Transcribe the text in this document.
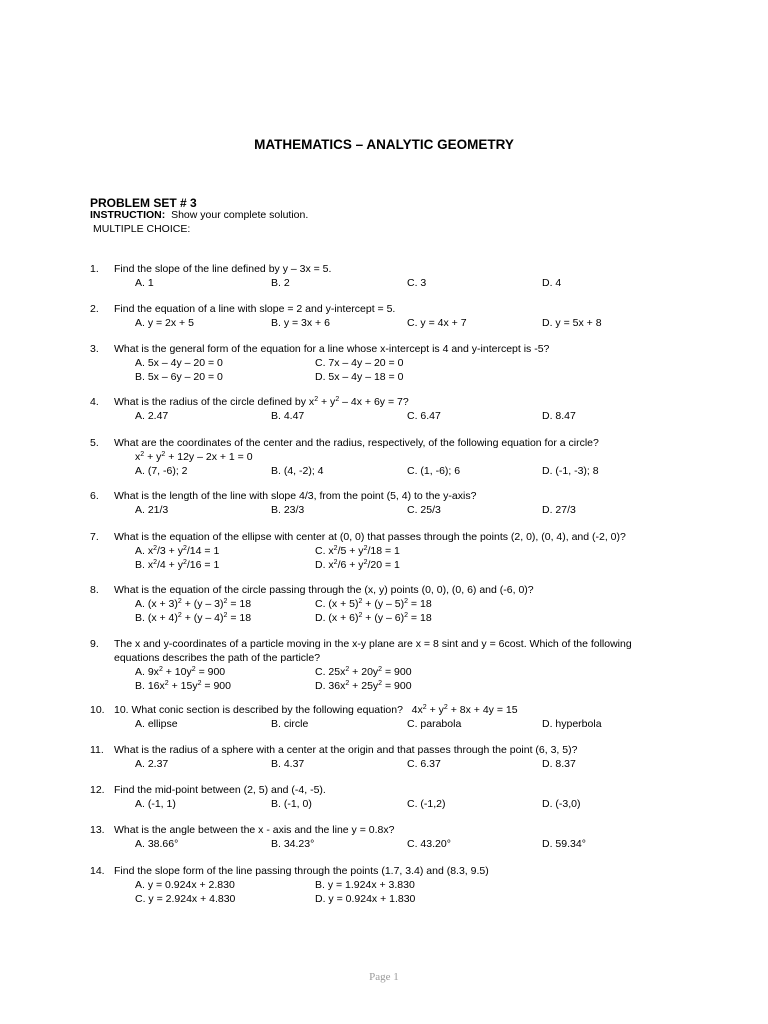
MATHEMATICS – ANALYTIC GEOMETRY
PROBLEM SET # 3
INSTRUCTION: Show your complete solution.
MULTIPLE CHOICE:
1. Find the slope of the line defined by y – 3x = 5.
A. 1	B. 2	C. 3	D. 4
2. Find the equation of a line with slope = 2 and y-intercept = 5.
A. y = 2x + 5	B. y = 3x + 6	C. y = 4x + 7	D. y = 5x + 8
3. What is the general form of the equation for a line whose x-intercept is 4 and y-intercept is -5?
A. 5x – 4y – 20 = 0	C. 7x – 4y – 20 = 0
B. 5x – 6y – 20 = 0	D. 5x – 4y – 18 = 0
4. What is the radius of the circle defined by $x^2 + y^2 - 4x + 6y = 7$?
A. 2.47	B. 4.47	C. 6.47	D. 8.47
5. What are the coordinates of the center and the radius, respectively, of the following equation for a circle?
$x^2 + y^2 + 12y - 2x + 1 = 0$
A. (7, -6); 2	B. (4, -2); 4	C. (1, -6); 6	D. (-1, -3); 8
6. What is the length of the line with slope 4/3, from the point (5, 4) to the y-axis?
A. 21/3	B. 23/3	C. 25/3	D. 27/3
7. What is the equation of the ellipse with center at (0, 0) that passes through the points (2, 0), (0, 4), and (-2, 0)?
A. $x^2/3 + y^2/14 = 1$	C. $x^2/5 + y^2/18 = 1$
B. $x^2/4 + y^2/16 = 1$	D. $x^2/6 + y^2/20 = 1$
8. What is the equation of the circle passing through the (x, y) points (0, 0), (0, 6) and (-6, 0)?
A. $(x + 3)^2 + (y - 3)^2 = 18$	C. $(x + 5)^2 + (y - 5)^2 = 18$
B. $(x + 4)^2 + (y - 4)^2 = 18$	D. $(x + 6)^2 + (y - 6)^2 = 18$
9. The x and y-coordinates of a particle moving in the x-y plane are x = 8 sint and y = 6cost. Which of the following
equations describes the path of the particle?
A. $9x^2 + 10y^2 = 900$	C. $25x^2 + 20y^2 = 900$
B. $16x^2 + 15y^2 = 900$	D. $36x^2 + 25y^2 = 900$
10. 10. What conic section is described by the following equation?   $4x^2 + y^2 + 8x + 4y = 15$
A. ellipse	B. circle	C. parabola	D. hyperbola
11. What is the radius of a sphere with a center at the origin and that passes through the point (6, 3, 5)?
A. 2.37	B. 4.37	C. 6.37	D. 8.37
12. Find the mid-point between (2, 5) and (-4, -5).
A. (-1, 1)	B. (-1, 0)	C. (-1,2)	D. (-3,0)
13. What is the angle between the x - axis and the line y = 0.8x?
A. 38.66°	B. 34.23°	C. 43.20°	D. 59.34°
14. Find the slope form of the line passing through the points (1.7, 3.4) and (8.3, 9.5)
A. y = 0.924x + 2.830	B. y = 1.924x + 3.830
C. y = 2.924x + 4.830	D. y = 0.924x + 1.830
Page 1
